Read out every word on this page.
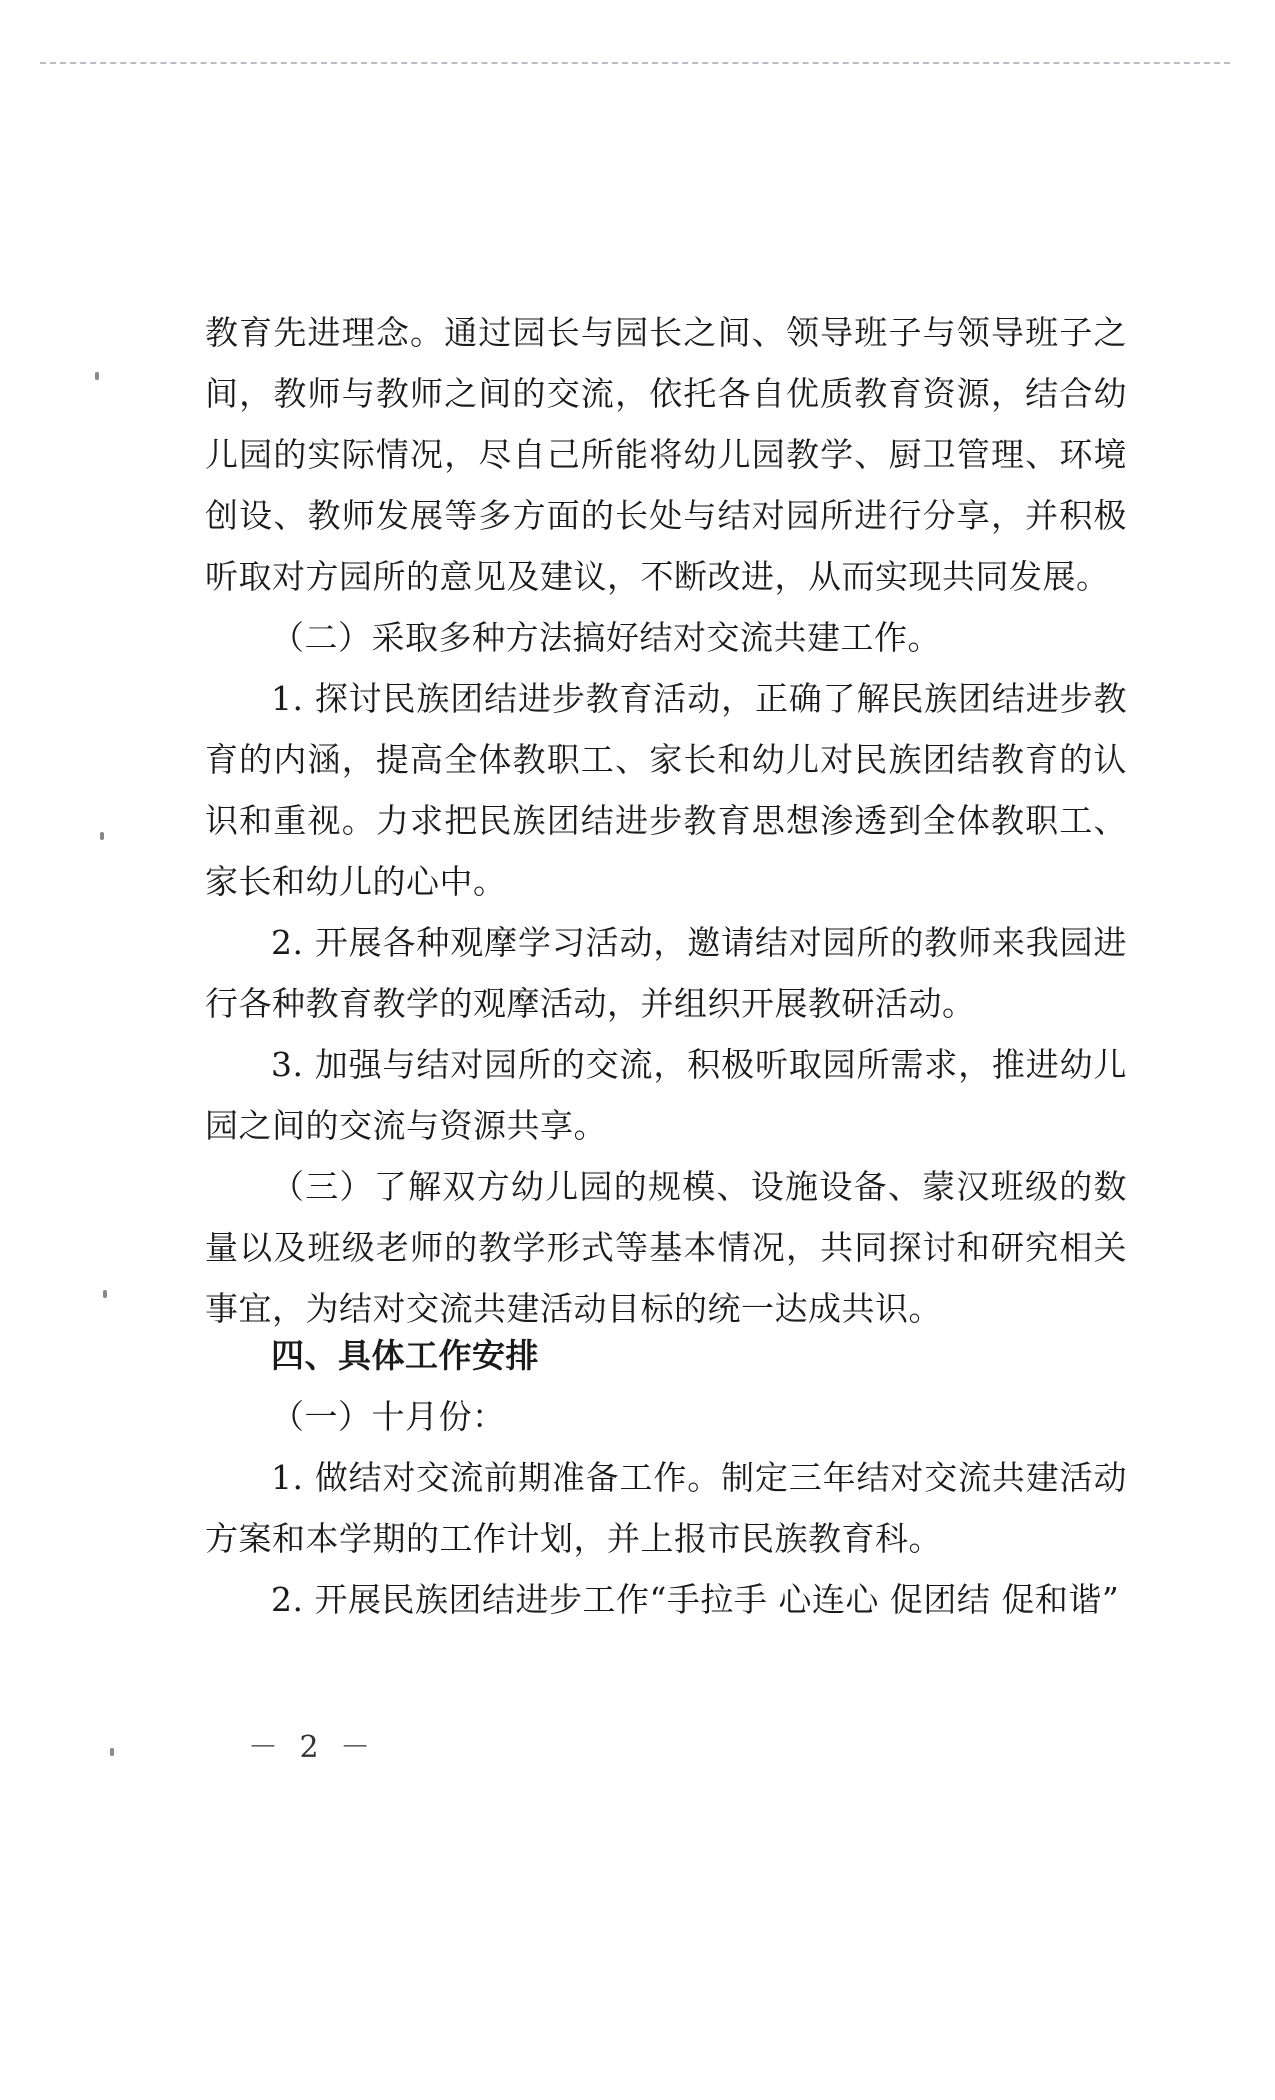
教育先进理念。通过园长与园长之间、领导班子与领导班子之间，教师与教师之间的交流，依托各自优质教育资源，结合幼儿园的实际情况，尽自己所能将幼儿园教学、厨卫管理、环境创设、教师发展等多方面的长处与结对园所进行分享，并积极听取对方园所的意见及建议，不断改进，从而实现共同发展。

（二）采取多种方法搞好结对交流共建工作。

1. 探讨民族团结进步教育活动，正确了解民族团结进步教育的内涵，提高全体教职工、家长和幼儿对民族团结教育的认识和重视。力求把民族团结进步教育思想渗透到全体教职工、家长和幼儿的心中。

2. 开展各种观摩学习活动，邀请结对园所的教师来我园进行各种教育教学的观摩活动，并组织开展教研活动。

3. 加强与结对园所的交流，积极听取园所需求，推进幼儿园之间的交流与资源共享。

（三）了解双方幼儿园的规模、设施设备、蒙汉班级的数量以及班级老师的教学形式等基本情况，共同探讨和研究相关事宜，为结对交流共建活动目标的统一达成共识。

四、具体工作安排

（一）十月份：

1. 做结对交流前期准备工作。制定三年结对交流共建活动方案和本学期的工作计划，并上报市民族教育科。

2. 开展民族团结进步工作“手拉手 心连心 促团结 促和谐”

－ 2 －
